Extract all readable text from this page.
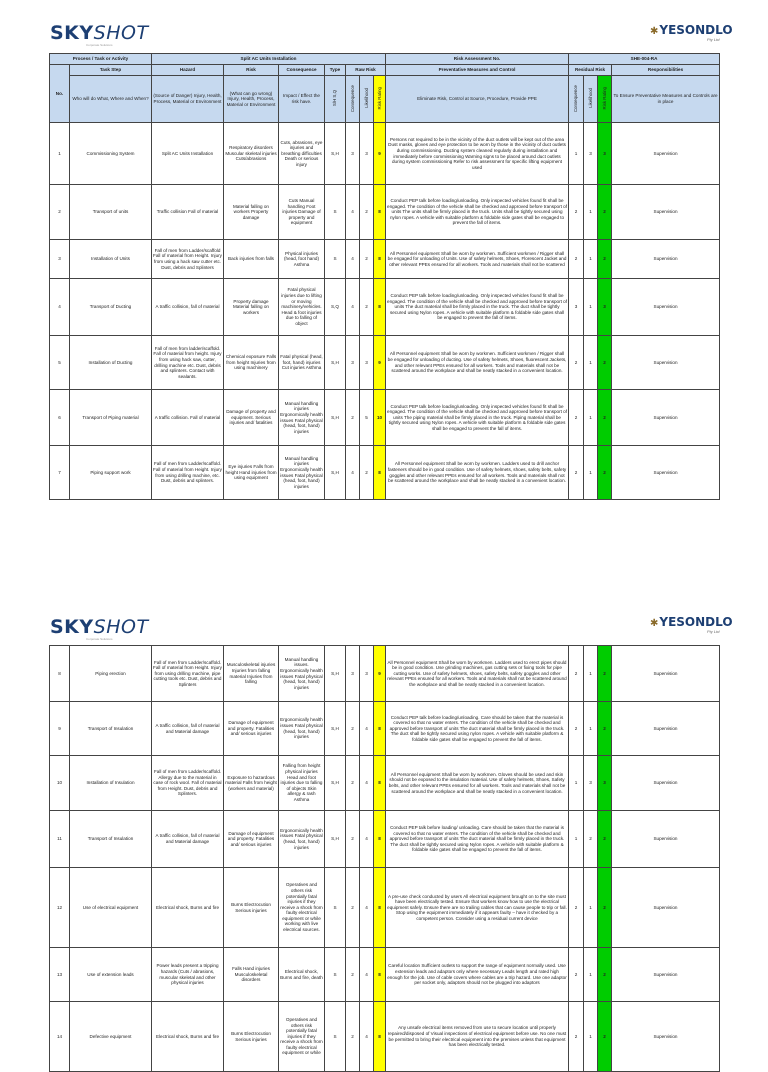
SKYSHOT
Corporate Solutions
✱YESONDLO
Pty Ltd
Process / Task or Activity		Split AC Units Installation							Risk Assessment No.	SHE-004-RA			
No.	Task Step	Hazard	Risk	Consequence	Type	Raw Risk			Preventative Measures and Control	Residual Risk			Responsibilities
	Who will do What, Where and When?	(Source of Danger) Injury, Health, Process, Material or Environment	(What can go wrong) Injury, Health, Process, Material or Environment	Impact / Effect the risk have.	S/H S,Q	Consequence	Likelihood	Risk Rating	Eliminate Risk, Control at Source, Procedure, Provide PPE	Consequence	Likelihood	Risk Rating	To Ensure Preventative Measures and Controls are in place
1	Commissioning System	Split AC Units Installation	Respiratory disorders Muscular skeletal injuries Cuts/abrasions	Cuts, abrasions, eye injuries and breathing difficulties Death or serious injury	S,H	3	3	9	Persons not required to be in the vicinity of the duct outlets will be kept out of the area Dust masks, gloves and eye protection to be worn by those in the vicinity of duct outlets during commissioning. Ducting system cleaned regularly during installation and immediately before commissioning Warning signs to be placed around duct outlets during system commissioning Refer to risk assessment for specific lifting equipment used	1	3	3	Supervision
2	Transport of units	Traffic collision Fall of material	Material falling on workers Property damage	Cuts Manual handling Foot injuries Damage of property and equipment	S	4	2	8	Conduct PEP talk before loading/unloading. Only inspected vehicles found fit shall be engaged. The condition of the vehicle shall be checked and approved before transport of units The units shall be firmly placed in the truck. Units shall be tightly secured using nylon ropes. A vehicle with suitable platform & foldable side gates shall be engaged to prevent the fall of items.	2	1	2	Supervision
3	Installation of Units	Fall of men from Ladder/scaffold Fall of material from Height. Injury from using a hack saw cutter etc. Dust, debris and Splinters	Back injuries from falls	Physical injuries (head, foot hand) Asthma	S	4	2	8	All Personnel equipment Shall be worn by workmen. Sufficient workmen / Rigger shall be engaged for unloading of Units. Use of safety helmets, Shoes, Florescent Jacket and other relevant PPEs ensured for all workers. Tools and materials shall not be scattered	2	1	2	Supervision
4	Transport of Ducting	A traffic collision, fall of material	Property damage Material falling on workers	Fatal physical injuries due to lifting or moving machinery/vehicles. Head & foot injuries due to falling of object	S,Q	4	2	8	Conduct PEP talk before loading/unloading. Only inspected vehicles found fit shall be engaged. The condition of the vehicle shall be checked and approved before transport of units The duct material shall be firmly placed in the truck. The duct shall be tightly secured using Nylon ropes. A vehicle with suitable platform & foldable side gates shall be engaged to prevent the fall of items.	3	1	3	Supervision
5	Installation of Ducting	Fall of men from ladder/scaffold. Fall of material from height. Injury from using hack saw, cutter, drilling machine etc. Dust, debris and splinters. Contact with sealants.	Chemical exposure Falls from height Injuries from using machinery	Fatal physical (head, foot, hand) injuries Cut injuries Asthma	S,H	3	3	9	All Personnel equipment Shall be worn by workmen. Sufficient workmen / Rigger shall be engaged for unloading of ducting. Use of safety helmets, Shoes, fluorescent Jackets, and other relevant PPEs ensured for all workers. Tools and materials shall not be scattered around the workplace and shall be neatly stacked in a convenient location.	2	1	2	Supervision
6	Transport of Piping material	A traffic collision. Fall of material	Damage of property and equipment. Serious injuries and/ fatalities	Manual handling injuries Ergonomically health issues Fatal physical (head, foot, hand) injuries	S,H	2	5	10	Conduct PEP talk before loading/unloading. Only inspected vehicles found fit shall be engaged. The condition of the vehicle shall be checked and approved before transport of units The piping material shall be firmly placed in the truck. Piping material shall be tightly secured using Nylon ropes. A vehicle with suitable platform & foldable side gates shall be engaged to prevent the fall of items.	2	1	2	Supervision
7	Piping support work	Fall of men from Ladder/scaffold. Fall of material from Height. Injury from using drilling machine, etc. Dust, debris and splinters.	Eye injuries Falls from height Hand injuries from using equipment	Manual handling injuries Ergonomically health issues Fatal physical (head, foot, hand) injuries	S,H	4	2	8	All Personnel equipment Shall be worn by workmen. Ladders used to drill anchor fasteners should be in good condition. Use of safety helmets, shoes, safety belts, safety goggles and other relevant PPEs ensured for all workers. Tools and materials shall not be scattered around the workplace and shall be neatly stacked in a convenient location.	2	1	2	Supervision
SKYSHOT
Corporate Solutions
✱YESONDLO
Pty Ltd
8	Piping erection	Fall of men from Ladder/scaffold. Fall of material from Height. Injury from using drilling machine, pipe cutting tools etc. Dust, debris and Splinters	Musculoskeletal injuries Injuries from falling material Injuries from falling	Manual handling issues. Ergonomically health issues Fatal physical (head, foot, hand) injuries	S,H	3	3	9	All Personnel equipment Shall be worn by workmen. Ladders used to erect pipes should be in good condition. Use grinding machines, gas cutting sets or fixing tools for pipe cutting works. Use of safety helmets, shoes, safety belts, safety goggles and other relevant PPEs ensured for all workers. Tools and materials shall not be scattered around the workplace and shall be neatly stacked in a convenient location.	2	1	2	Supervision
9	Transport of Insulation	A traffic collision, fall of material and Material damage	Damage of equipment and property. Fatalities and/ serious injuries	Ergonomically health issues Fatal physical (head, foot, hand) injuries	S,H	2	4	8	Conduct PEP talk before loading/unloading. Care should be taken that the material is covered so that no water enters. The condition of the vehicle shall be checked and approved before transport of units The duct material shall be firmly placed in the truck. The duct shall be tightly secured using nylon ropes. A vehicle with suitable platform & foldable side gates shall be engaged to prevent the fall of items.	2	1	2	Supervision
10	Installation of Insulation	Fall of men from Ladder/scaffold. Allergy due to the material in case of rock wool. Fall of material from Height. Dust, debris and Splinters.	Exposure to hazardous material Falls from height (workers and material)	Falling from height physical injuries Head and foot injuries due to falling of objects Skin allergy & rash Asthma	S,H	2	4	8	All Personnel equipment Shall be worn by workmen. Gloves should be used and skin should not be exposed to the insulation material. Use of safety helmets, Shoes, Safety belts, and other relevant PPEs ensured for all workers. Tools and materials shall not be scattered around the workplace and shall be neatly stacked in a convenient location.	1	3	3	Supervision
11	Transport of Insulation	A traffic collision, fall of material and Material damage	Damage of equipment and property. Fatalities and/ serious injuries	Ergonomically health issues Fatal physical (head, foot, hand) injuries	S,H	2	4	8	Conduct PEP talk before loading/ unloading. Care should be taken that the material is covered so that no water enters. The condition of the vehicle shall be checked and approved before transport of units The duct material shall be firmly placed in the truck. The duct shall be tightly secured using Nylon ropes. A vehicle with suitable platform & foldable side gates shall be engaged to prevent the fall of items.	1	2	2	Supervision
12	Use of electrical equipment	Electrical shock, Burns and fire	Burns Electrocution Serious injuries	Operatives and others risk potentially fatal injuries if they receive a shock from faulty electrical equipment or while working with live electrical sources.	S	2	4	8	A pre-use check conducted by users All electrical equipment brought on to the site must have been electrically tested. Ensure that workers know how to use the electrical equipment safely. Ensure there are no trailing cables that can cause people to trip or fall. Stop using the equipment immediately if it appears faulty – have it checked by a competent person. Consider using a residual current device	2	1	2	Supervision
13	Use of extension leads	Power leads present a tripping hazards (Cuts / abrasions, muscular skeletal and other physical injuries	Falls Hand injuries Musculoskeletal disorders	Electrical shock, Burns and fire, death	S	2	4	8	Careful location Sufficient outlets to support the range of equipment normally used. Use extension leads and adaptors only where necessary Leads length and rated high enough for the job. Use of cable covers where cables are a trip hazard. Use one adaptor per socket only, adaptors should not be plugged into adaptors	2	1	2	Supervision
14	Defective equipment	Electrical shock, Burns and fire	Burns Electrocution Serious injuries	Operatives and others risk potentially fatal injuries if they receive a shock from faulty electrical equipment or while	S	2	4	8	Any unsafe electrical items removed from use to secure location until properly repaired/disposed of Visual inspections of electrical equipment before use. No one must be permitted to bring their electrical equipment into the premises unless that equipment has been electrically tested.	2	1	2	Supervision
